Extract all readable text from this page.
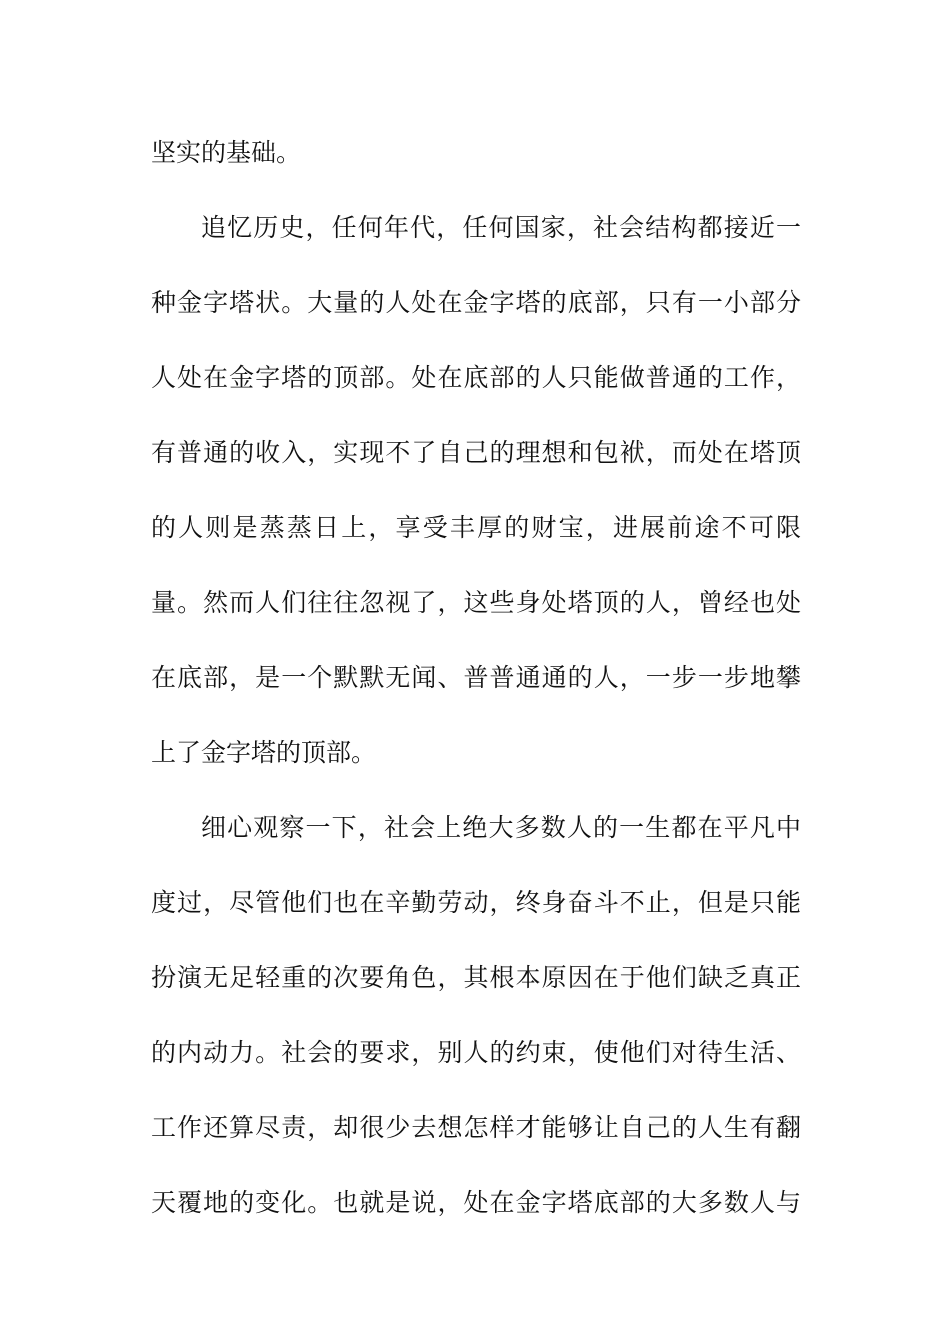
坚实的基础。
追忆历史，任何年代，任何国家，社会结构都接近一
种金字塔状。大量的人处在金字塔的底部，只有一小部分
人处在金字塔的顶部。处在底部的人只能做普通的工作，
有普通的收入，实现不了自己的理想和包袱，而处在塔顶
的人则是蒸蒸日上，享受丰厚的财宝，进展前途不可限
量。然而人们往往忽视了，这些身处塔顶的人，曾经也处
在底部，是一个默默无闻、普普通通的人，一步一步地攀
上了金字塔的顶部。
细心观察一下，社会上绝大多数人的一生都在平凡中
度过，尽管他们也在辛勤劳动，终身奋斗不止，但是只能
扮演无足轻重的次要角色，其根本原因在于他们缺乏真正
的内动力。社会的要求，别人的约束，使他们对待生活、
工作还算尽责，却很少去想怎样才能够让自己的人生有翻
天覆地的变化。也就是说，处在金字塔底部的大多数人与
